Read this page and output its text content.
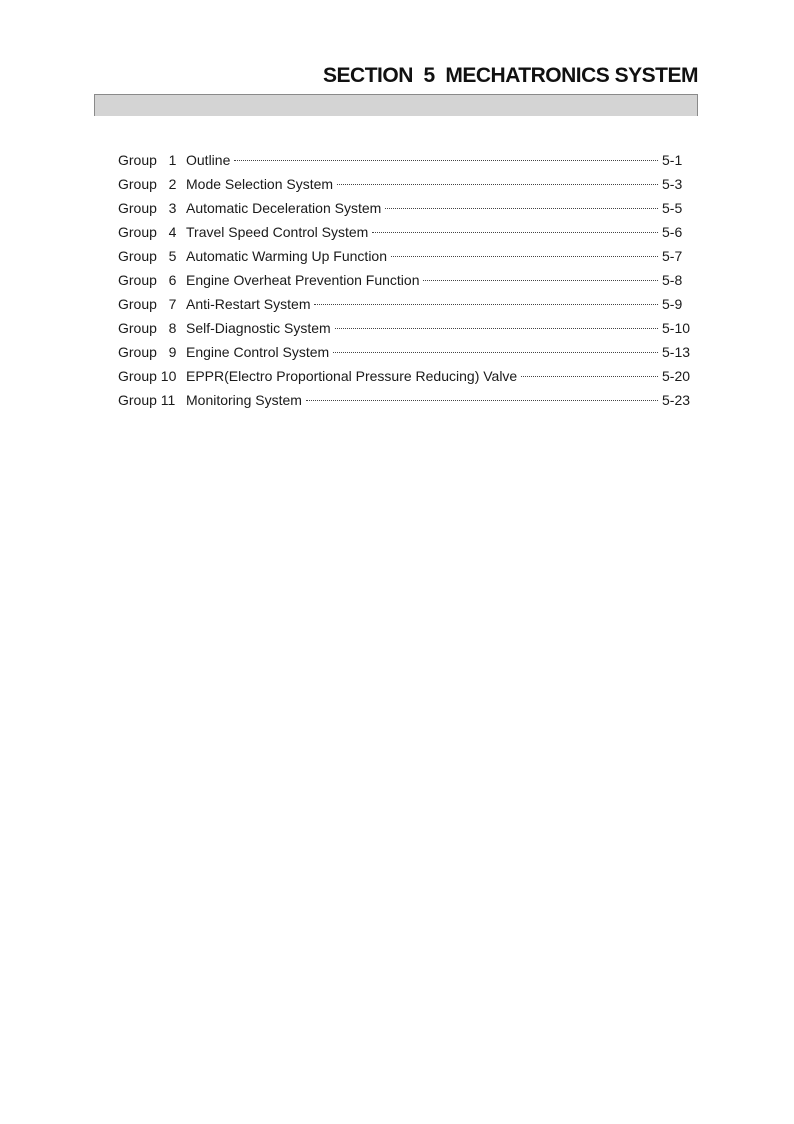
SECTION  5  MECHATRONICS SYSTEM
Group   1 Outline	5-1
Group   2 Mode Selection System	5-3
Group   3 Automatic Deceleration System	5-5
Group   4 Travel Speed Control System	5-6
Group   5 Automatic Warming Up Function	5-7
Group   6 Engine Overheat Prevention Function	5-8
Group   7 Anti-Restart System	5-9
Group   8 Self-Diagnostic System	5-10
Group   9 Engine Control System	5-13
Group 10 EPPR(Electro Proportional Pressure Reducing) Valve	5-20
Group 11 Monitoring System	5-23
